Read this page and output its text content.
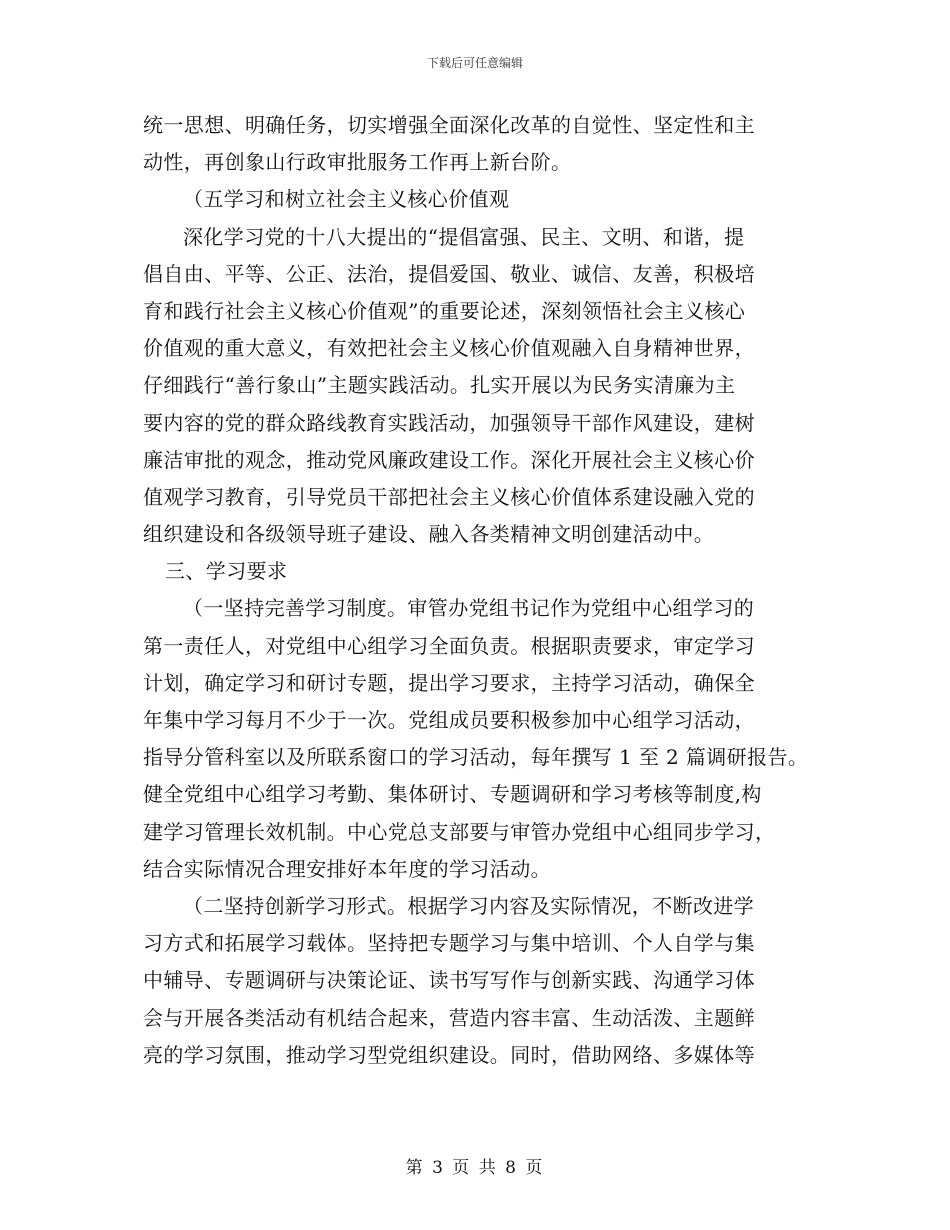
下载后可任意编辑
统一思想、明确任务，切实增强全面深化改革的自觉性、坚定性和主
动性，再创象山行政审批服务工作再上新台阶。
（五学习和树立社会主义核心价值观
深化学习党的十八大提出的“提倡富强、民主、文明、和谐，提
倡自由、平等、公正、法治，提倡爱国、敬业、诚信、友善，积极培
育和践行社会主义核心价值观”的重要论述，深刻领悟社会主义核心
价值观的重大意义，有效把社会主义核心价值观融入自身精神世界，
仔细践行“善行象山”主题实践活动。扎实开展以为民务实清廉为主
要内容的党的群众路线教育实践活动，加强领导干部作风建设，建树
廉洁审批的观念，推动党风廉政建设工作。深化开展社会主义核心价
值观学习教育，引导党员干部把社会主义核心价值体系建设融入党的
组织建设和各级领导班子建设、融入各类精神文明创建活动中。
三、学习要求
（一坚持完善学习制度。审管办党组书记作为党组中心组学习的
第一责任人，对党组中心组学习全面负责。根据职责要求，审定学习
计划，确定学习和研讨专题，提出学习要求，主持学习活动，确保全
年集中学习每月不少于一次。党组成员要积极参加中心组学习活动，
指导分管科室以及所联系窗口的学习活动，每年撰写 1 至 2 篇调研报告。
健全党组中心组学习考勤、集体研讨、专题调研和学习考核等制度,构
建学习管理长效机制。中心党总支部要与审管办党组中心组同步学习，
结合实际情况合理安排好本年度的学习活动。
（二坚持创新学习形式。根据学习内容及实际情况，不断改进学
习方式和拓展学习载体。坚持把专题学习与集中培训、个人自学与集
中辅导、专题调研与决策论证、读书写写作与创新实践、沟通学习体
会与开展各类活动有机结合起来，营造内容丰富、生动活泼、主题鲜
亮的学习氛围，推动学习型党组织建设。同时，借助网络、多媒体等
第 3 页 共 8 页
